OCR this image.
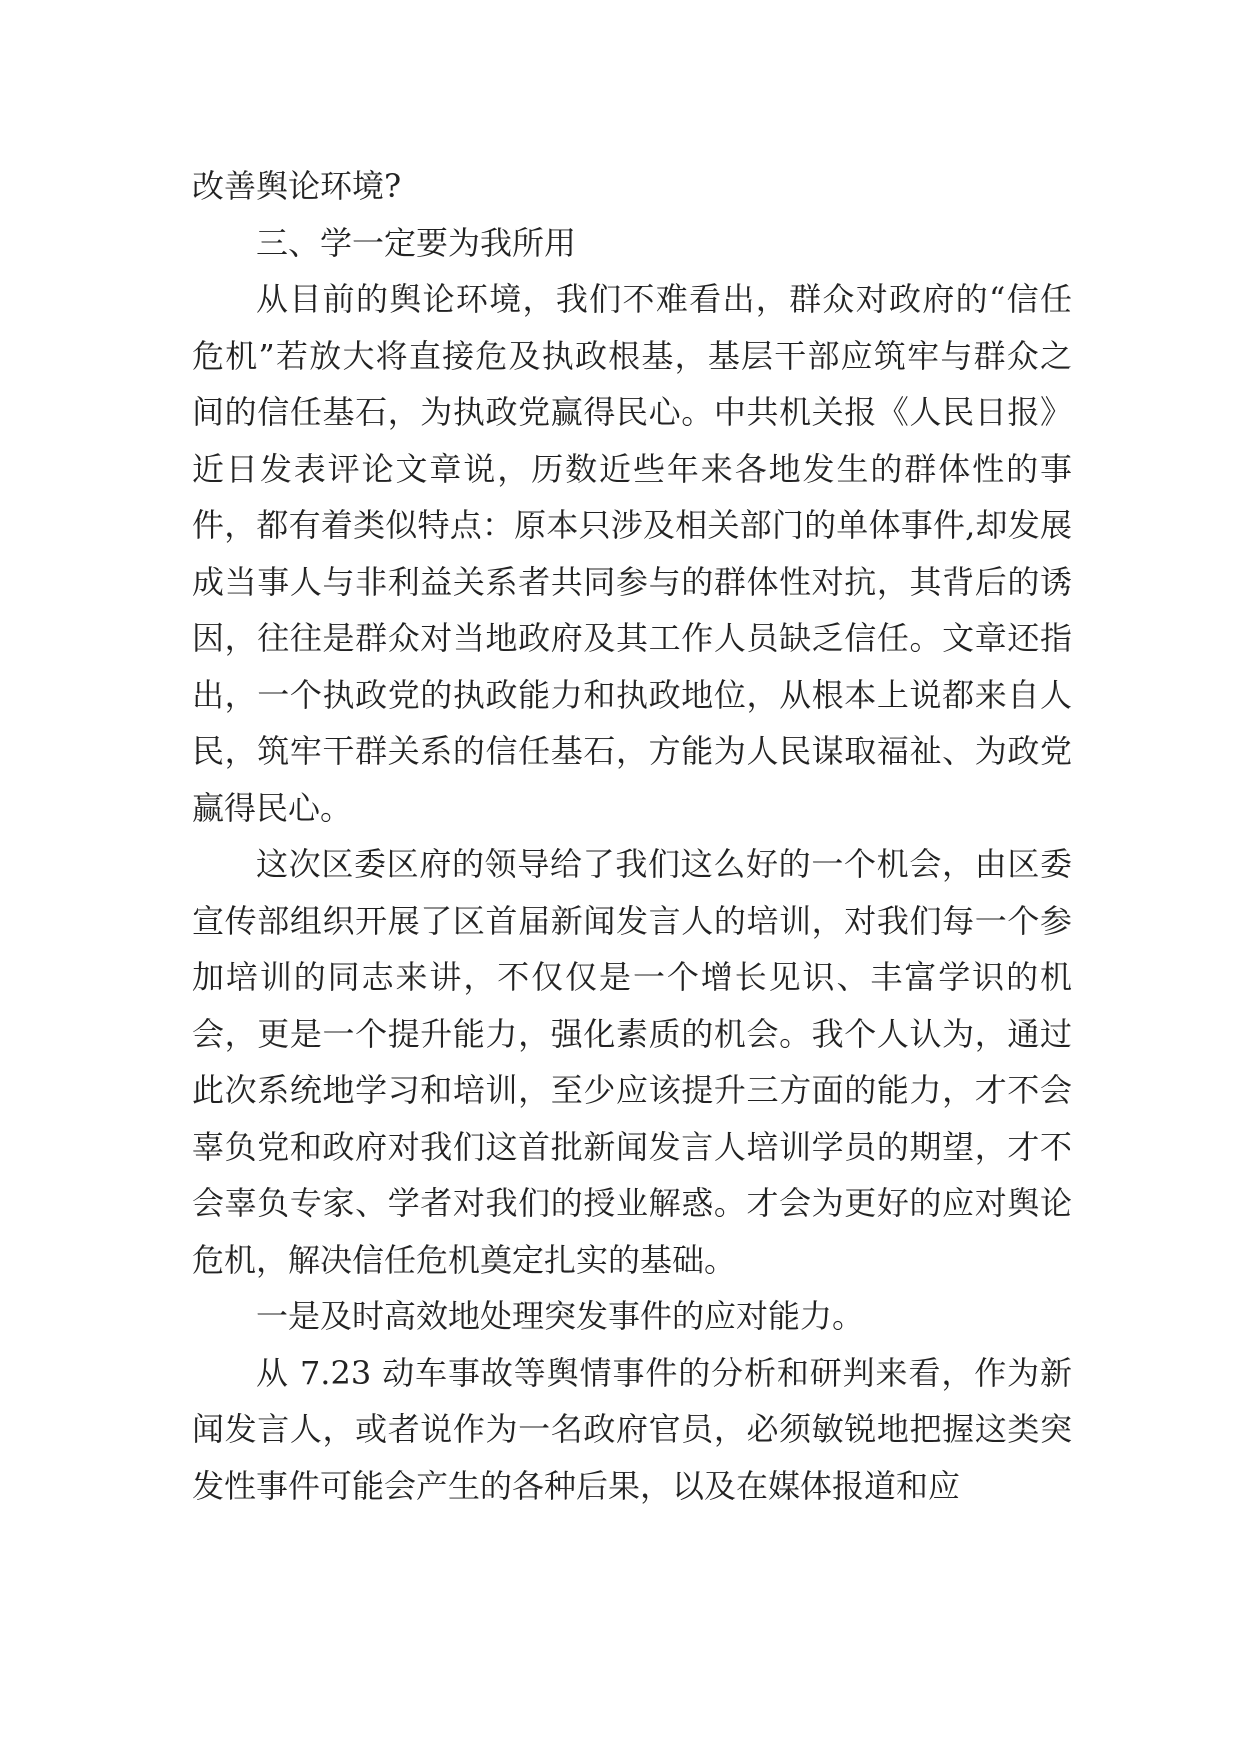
改善舆论环境?

三、学一定要为我所用

从目前的舆论环境，我们不难看出，群众对政府的“信任危机”若放大将直接危及执政根基，基层干部应筑牢与群众之间的信任基石，为执政党赢得民心。中共机关报《人民日报》近日发表评论文章说，历数近些年来各地发生的群体性的事件，都有着类似特点：原本只涉及相关部门的单体事件,却发展成当事人与非利益关系者共同参与的群体性对抗，其背后的诱因，往往是群众对当地政府及其工作人员缺乏信任。文章还指出，一个执政党的执政能力和执政地位，从根本上说都来自人民，筑牢干群关系的信任基石，方能为人民谋取福祉、为政党赢得民心。

这次区委区府的领导给了我们这么好的一个机会，由区委宣传部组织开展了区首届新闻发言人的培训，对我们每一个参加培训的同志来讲，不仅仅是一个增长见识、丰富学识的机会，更是一个提升能力，强化素质的机会。我个人认为，通过此次系统地学习和培训，至少应该提升三方面的能力，才不会辜负党和政府对我们这首批新闻发言人培训学员的期望，才不会辜负专家、学者对我们的授业解惑。才会为更好的应对舆论危机，解决信任危机奠定扎实的基础。

一是及时高效地处理突发事件的应对能力。

从 7.23 动车事故等舆情事件的分析和研判来看，作为新闻发言人，或者说作为一名政府官员，必须敏锐地把握这类突发性事件可能会产生的各种后果，以及在媒体报道和应
